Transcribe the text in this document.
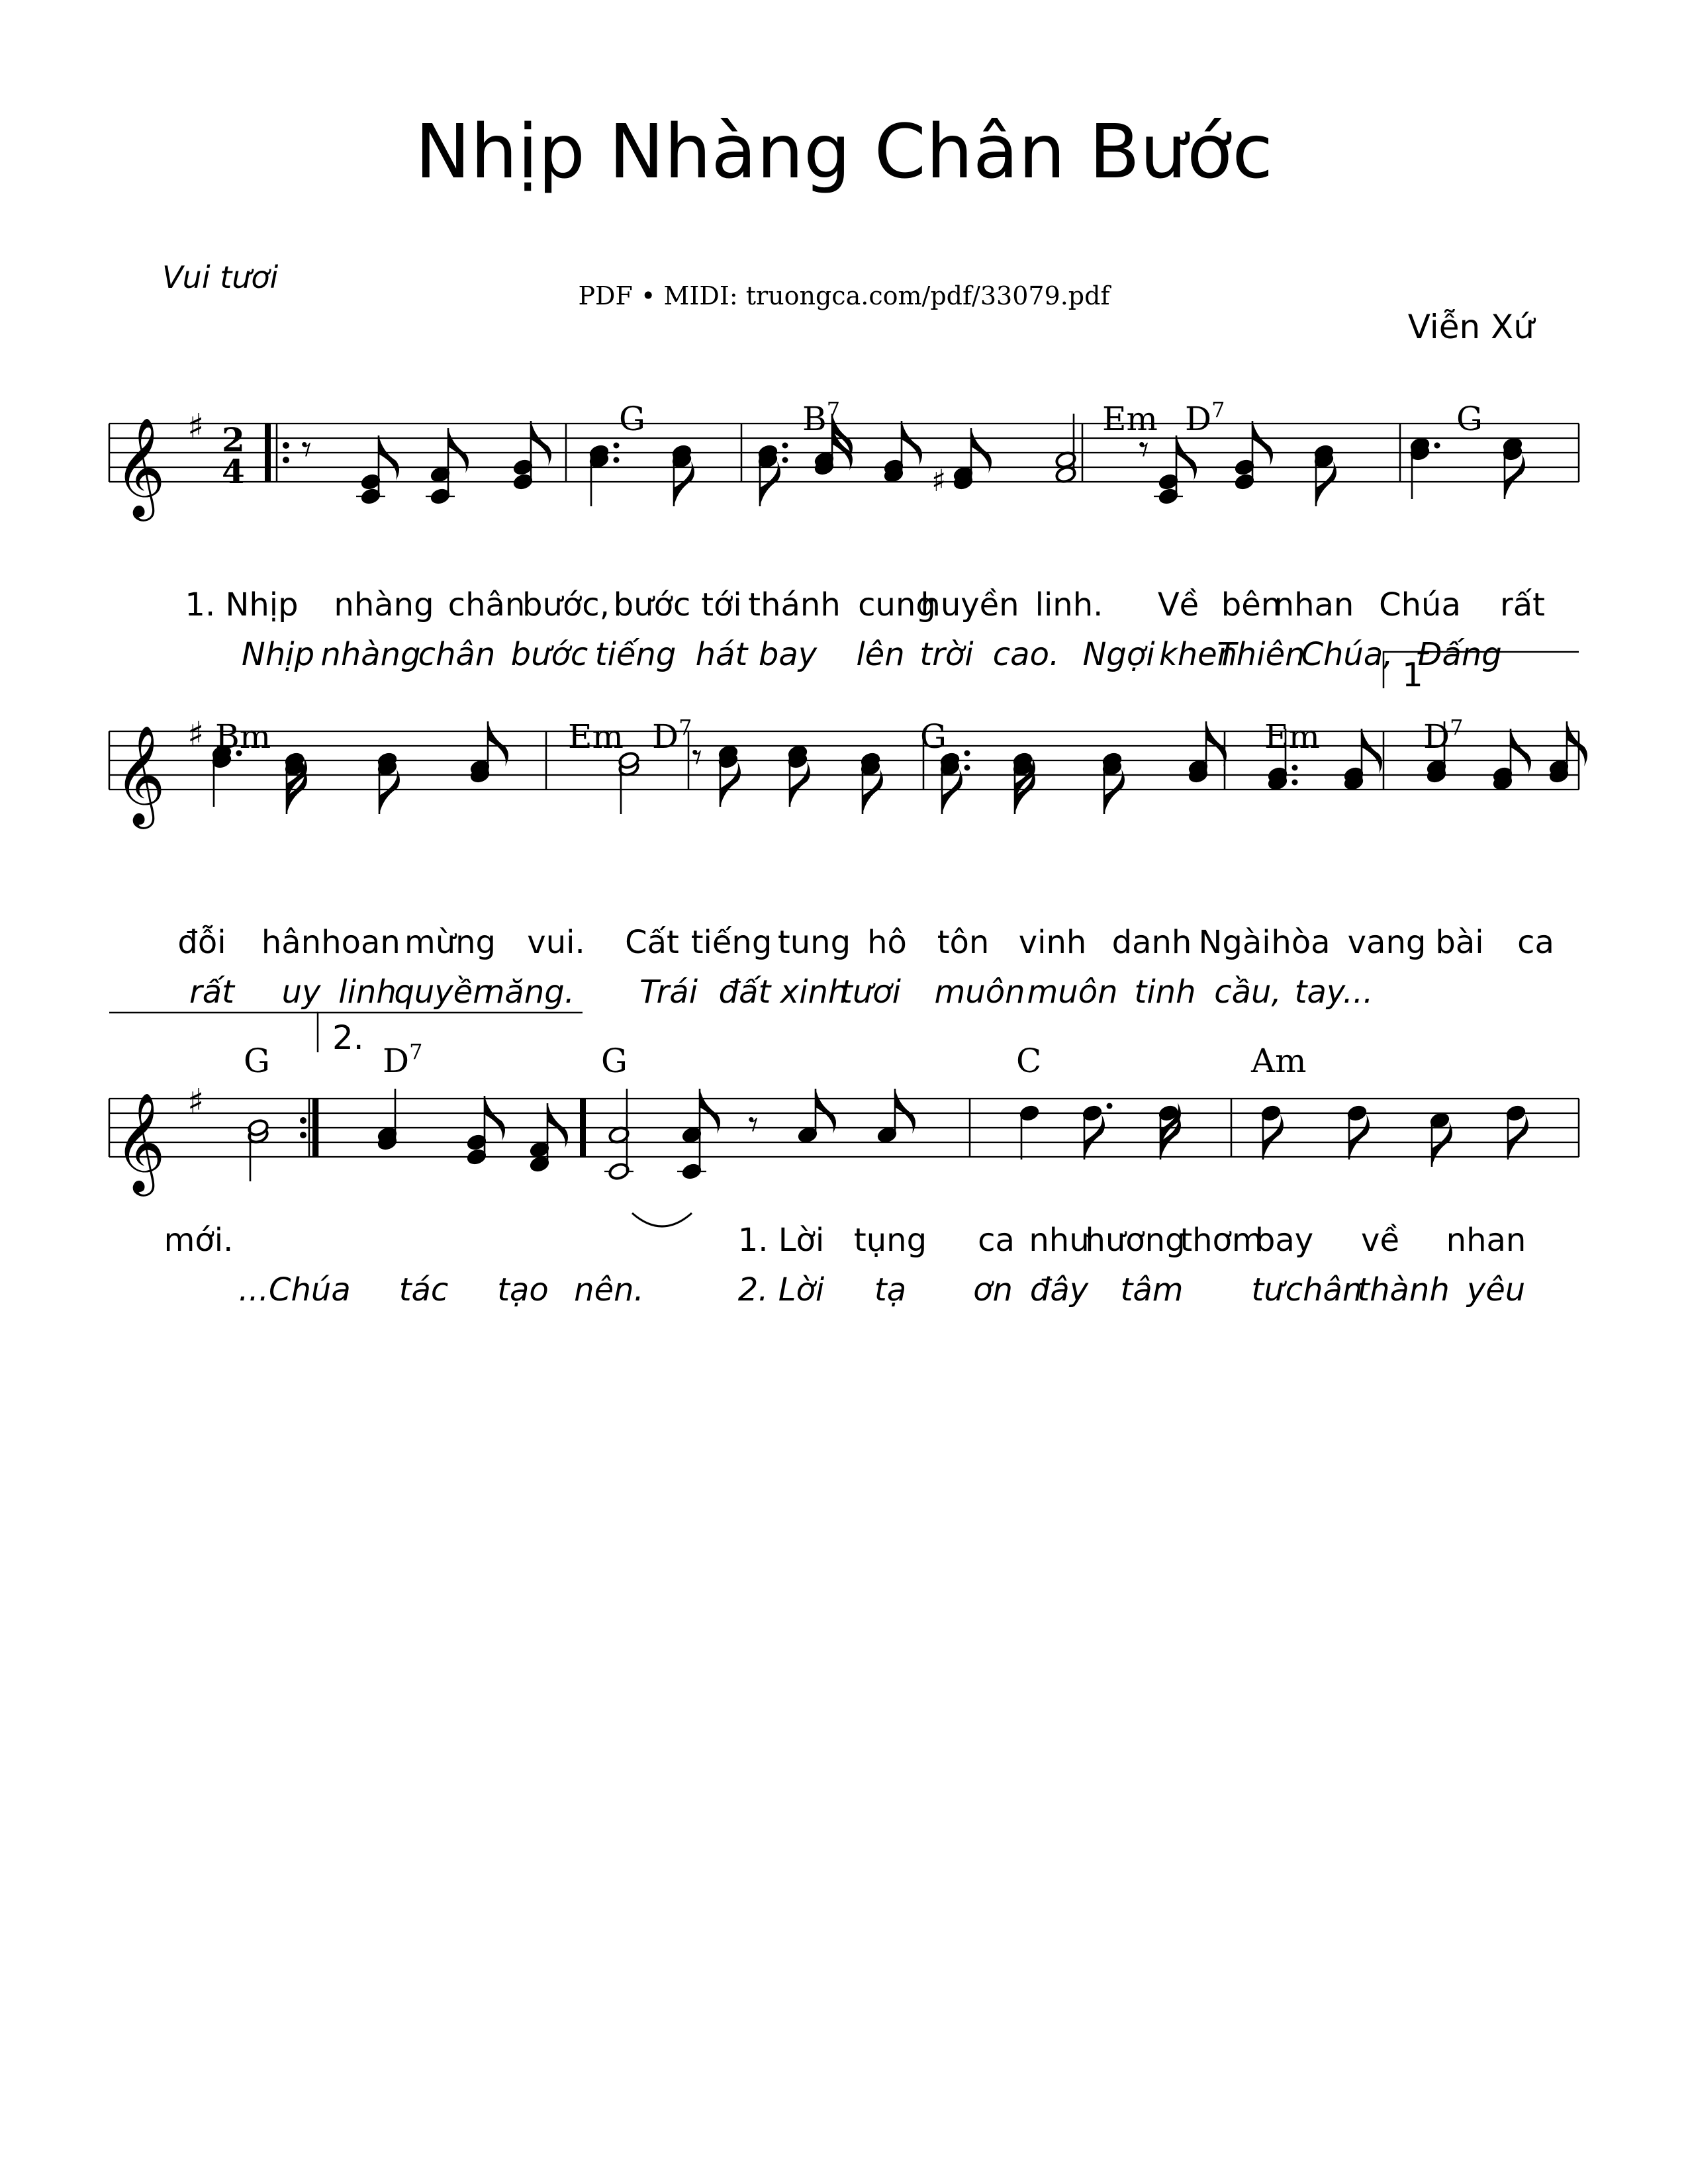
Nhịp Nhàng Chân Bước
Vui tươi
PDF • MIDI: truongca.com/pdf/33079.pdf
Viễn Xứ
G	$B^7$	Em $D^7$	G
𝄞 ♯ 2
4 𝄾	𝄾
♯
1. Nhịp nhàng chân
bước, bước tới thánh cung
huyền linh. Về bên
nhan Chúa rất
Nhịp nhàng
chân bước tiếng hát bay lên trời cao. Ngợi khen
Thiên
Chúa, Đấng
Bm	Em $D^7$	G	Em	$D^7$
𝄞 ♯
1
𝄾
đỗi hân hoan mừng vui. Cất tiếng tung hô tôn vinh danh Ngài hòa vang bài ca
rất uy linh
quyền
năng. Trái đất xinh
tươi muôn muôn tinh cầu, tay...
G	$D^7$	G	C	Am
𝄞 ♯
2.
𝄾
mới.	1. Lời tụng ca như
hương
thơm
bay về nhan
...Chúa tác tạo nên.	2. Lời tạ ơn đây tâm tư chân
thành yêu
